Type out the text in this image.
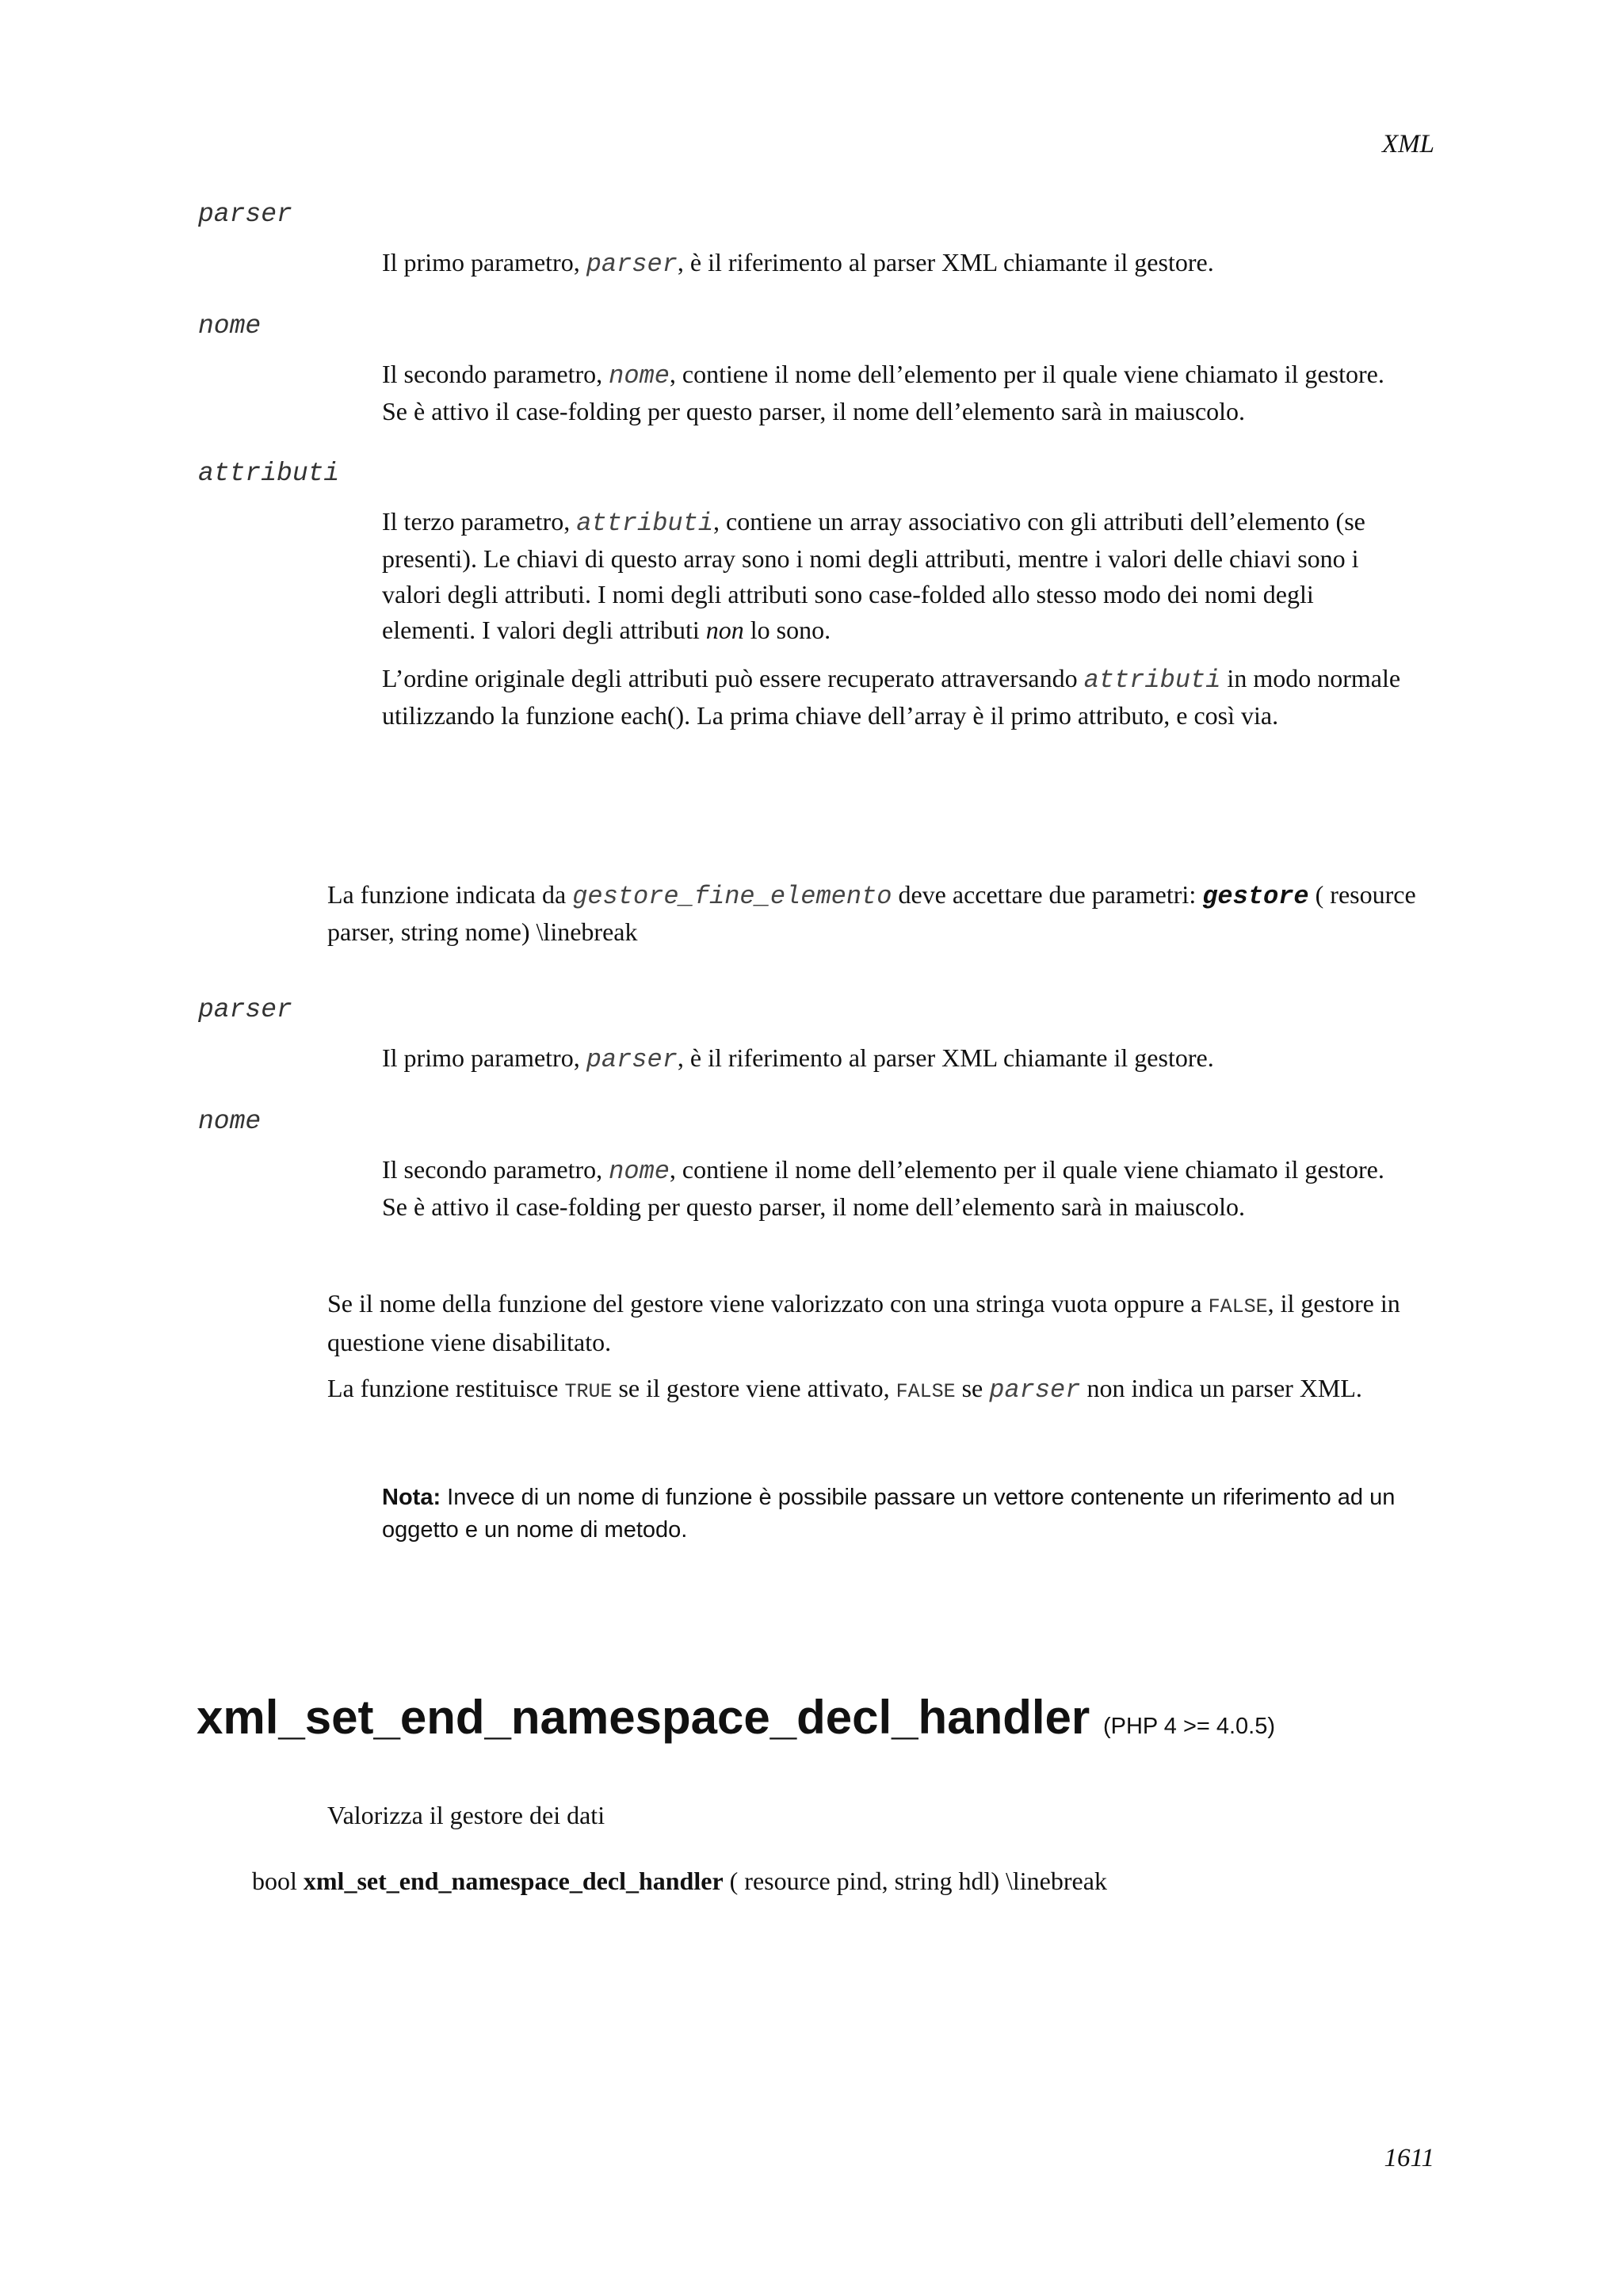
XML
parser

Il primo parametro, parser, è il riferimento al parser XML chiamante il gestore.

nome

Il secondo parametro, nome, contiene il nome dell’elemento per il quale viene chiamato il gestore. Se è attivo il case-folding per questo parser, il nome dell’elemento sarà in maiuscolo.

attributi

Il terzo parametro, attributi, contiene un array associativo con gli attributi dell’elemento (se presenti). Le chiavi di questo array sono i nomi degli attributi, mentre i valori delle chiavi sono i valori degli attributi. I nomi degli attributi sono case-folded allo stesso modo dei nomi degli elementi. I valori degli attributi non lo sono.

L’ordine originale degli attributi può essere recuperato attraversando attributi in modo normale utilizzando la funzione each(). La prima chiave dell’array è il primo attributo, e così via.

La funzione indicata da gestore_fine_elemento deve accettare due parametri: gestore ( resource parser, string nome) \linebreak

parser

Il primo parametro, parser, è il riferimento al parser XML chiamante il gestore.

nome

Il secondo parametro, nome, contiene il nome dell’elemento per il quale viene chiamato il gestore. Se è attivo il case-folding per questo parser, il nome dell’elemento sarà in maiuscolo.

Se il nome della funzione del gestore viene valorizzato con una stringa vuota oppure a FALSE, il gestore in questione viene disabilitato.

La funzione restituisce TRUE se il gestore viene attivato, FALSE se parser non indica un parser XML.

Nota: Invece di un nome di funzione è possibile passare un vettore contenente un riferimento ad un oggetto e un nome di metodo.

xml_set_end_namespace_decl_handler (PHP 4 >= 4.0.5)

Valorizza il gestore dei dati

bool xml_set_end_namespace_decl_handler ( resource pind, string hdl) \linebreak

1611
